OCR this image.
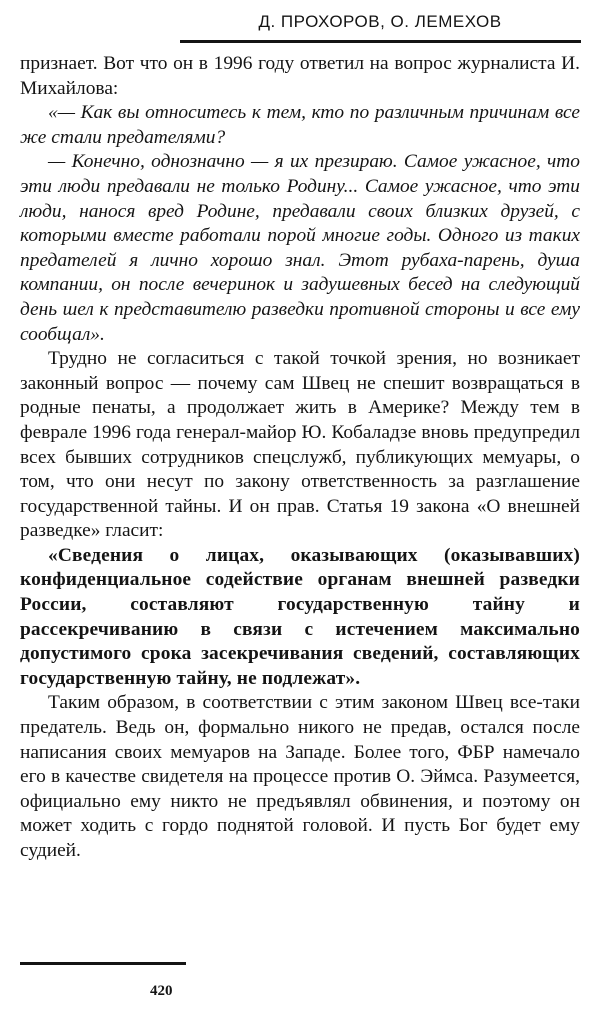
Д. ПРОХОРОВ, О. ЛЕМЕХОВ

признает. Вот что он в 1996 году ответил на вопрос журналиста И. Михайлова:

«— Как вы относитесь к тем, кто по различным причинам все же стали предателями?

— Конечно, однозначно — я их презираю. Самое ужасное, что эти люди предавали не только Родину... Самое ужасное, что эти люди, нанося вред Родине, предавали своих близких друзей, с которыми вместе работали порой многие годы. Одного из таких предателей я лично хорошо знал. Этот рубаха-парень, душа компании, он после вечеринок и задушевных бесед на следующий день шел к представителю разведки противной стороны и все ему сообщал».

Трудно не согласиться с такой точкой зрения, но возникает законный вопрос — почему сам Швец не спешит возвращаться в родные пенаты, а продолжает жить в Америке? Между тем в феврале 1996 года генерал-майор Ю. Кобаладзе вновь предупредил всех бывших сотрудников спецслужб, публикующих мемуары, о том, что они несут по закону ответственность за разглашение государственной тайны. И он прав. Статья 19 закона «О внешней разведке» гласит:

«Сведения о лицах, оказывающих (оказывавших) конфиденциальное содействие органам внешней разведки России, составляют государственную тайну и рассекречиванию в связи с истечением максимально допустимого срока засекречивания сведений, составляющих государственную тайну, не подлежат».

Таким образом, в соответствии с этим законом Швец все-таки предатель. Ведь он, формально никого не предав, остался после написания своих мемуаров на Западе. Более того, ФБР намечало его в качестве свидетеля на процессе против О. Эймса. Разумеется, официально ему никто не предъявлял обвинения, и поэтому он может ходить с гордо поднятой головой. И пусть Бог будет ему судией.

420
